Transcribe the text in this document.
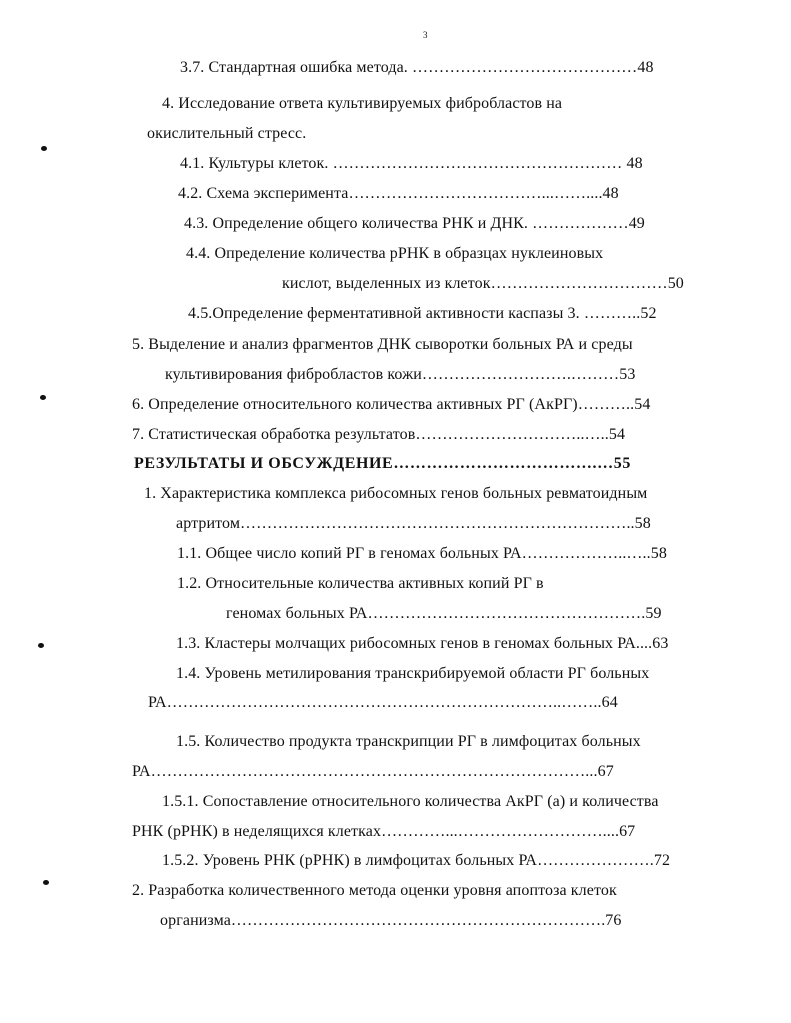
3
3.7. Стандартная ошибка метода. ……………………………………48
4. Исследование ответа культивируемых фибробластов на
окислительный стресс.
4.1. Культуры клеток. ……………………………………………… 48
4.2. Схема эксперимента………………………………...……....48
4.3. Определение общего количества РНК и ДНК. ………………49
4.4. Определение количества рРНК в образцах нуклеиновых
кислот, выделенных из клеток……………………………50
4.5.Определение ферментативной активности каспазы 3. ………..52
5. Выделение и анализ фрагментов ДНК сыворотки больных РА и среды
культивирования фибробластов кожи……………………….………53
6. Определение относительного количества активных РГ (АкРГ)………..54
7. Статистическая обработка результатов…………………………..…..54
РЕЗУЛЬТАТЫ И ОБСУЖДЕНИЕ……………………………….…55
1. Характеристика комплекса рибосомных генов больных ревматоидным
артритом………………………………………………………………..58
1.1. Общее число копий РГ в геномах больных РА………………..…..58
1.2. Относительные количества активных копий РГ в
геномах больных РА…………………………………………….59
1.3. Кластеры молчащих рибосомных генов в геномах больных РА....63
1.4. Уровень метилирования транскрибируемой области РГ больных
РА………………………………………………………………..……..64
1.5. Количество продукта транскрипции РГ в лимфоцитах больных
РА………………………………………………………………………...67
1.5.1. Сопоставление относительного количества АкРГ (а) и количества
РНК (рРНК) в неделящихся клетках…………...………………………....67
1.5.2. Уровень РНК (рРНК) в лимфоцитах больных РА………………….72
2. Разработка количественного метода оценки уровня апоптоза клеток
организма…………………………………………………………….76
